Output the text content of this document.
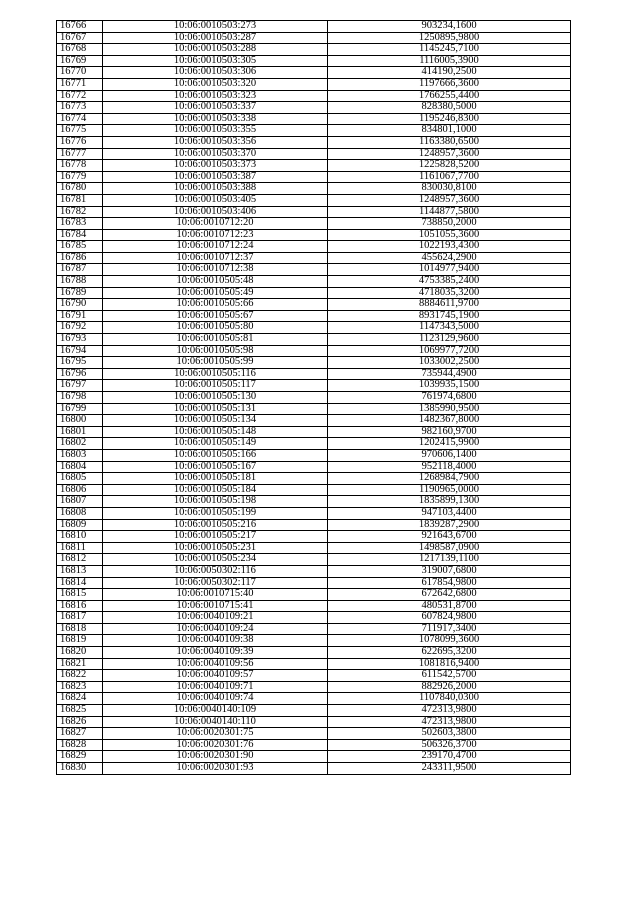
16766	10:06:0010503:273	903234,1600
16767	10:06:0010503:287	1250895,9800
16768	10:06:0010503:288	1145245,7100
16769	10:06:0010503:305	1116005,3900
16770	10:06:0010503:306	414190,2500
16771	10:06:0010503:320	1197666,3600
16772	10:06:0010503:323	1766255,4400
16773	10:06:0010503:337	828380,5000
16774	10:06:0010503:338	1195246,8300
16775	10:06:0010503:355	834801,1000
16776	10:06:0010503:356	1163380,6500
16777	10:06:0010503:370	1248957,3600
16778	10:06:0010503:373	1225828,5200
16779	10:06:0010503:387	1161067,7700
16780	10:06:0010503:388	830030,8100
16781	10:06:0010503:405	1248957,3600
16782	10:06:0010503:406	1144877,5800
16783	10:06:0010712:20	738850,2000
16784	10:06:0010712:23	1051055,3600
16785	10:06:0010712:24	1022193,4300
16786	10:06:0010712:37	455624,2900
16787	10:06:0010712:38	1014977,9400
16788	10:06:0010505:48	4753385,2400
16789	10:06:0010505:49	4718035,3200
16790	10:06:0010505:66	8884611,9700
16791	10:06:0010505:67	8931745,1900
16792	10:06:0010505:80	1147343,5000
16793	10:06:0010505:81	1123129,9600
16794	10:06:0010505:98	1069977,7200
16795	10:06:0010505:99	1033002,2500
16796	10:06:0010505:116	735944,4900
16797	10:06:0010505:117	1039935,1500
16798	10:06:0010505:130	761974,6800
16799	10:06:0010505:131	1385990,9500
16800	10:06:0010505:134	1482367,8000
16801	10:06:0010505:148	982160,9700
16802	10:06:0010505:149	1202415,9900
16803	10:06:0010505:166	970606,1400
16804	10:06:0010505:167	952118,4000
16805	10:06:0010505:181	1268984,7900
16806	10:06:0010505:184	1190965,0000
16807	10:06:0010505:198	1835899,1300
16808	10:06:0010505:199	947103,4400
16809	10:06:0010505:216	1839287,2900
16810	10:06:0010505:217	921643,6700
16811	10:06:0010505:231	1498587,0900
16812	10:06:0010505:234	1217139,1100
16813	10:06:0050302:116	319007,6800
16814	10:06:0050302:117	617854,9800
16815	10:06:0010715:40	672642,6800
16816	10:06:0010715:41	480531,8700
16817	10:06:0040109:21	607824,9800
16818	10:06:0040109:24	711917,3400
16819	10:06:0040109:38	1078099,3600
16820	10:06:0040109:39	622695,3200
16821	10:06:0040109:56	1081816,9400
16822	10:06:0040109:57	611542,5700
16823	10:06:0040109:71	882926,2000
16824	10:06:0040109:74	1107840,0300
16825	10:06:0040140:109	472313,9800
16826	10:06:0040140:110	472313,9800
16827	10:06:0020301:75	502603,3800
16828	10:06:0020301:76	506326,3700
16829	10:06:0020301:90	239170,4700
16830	10:06:0020301:93	243311,9500
